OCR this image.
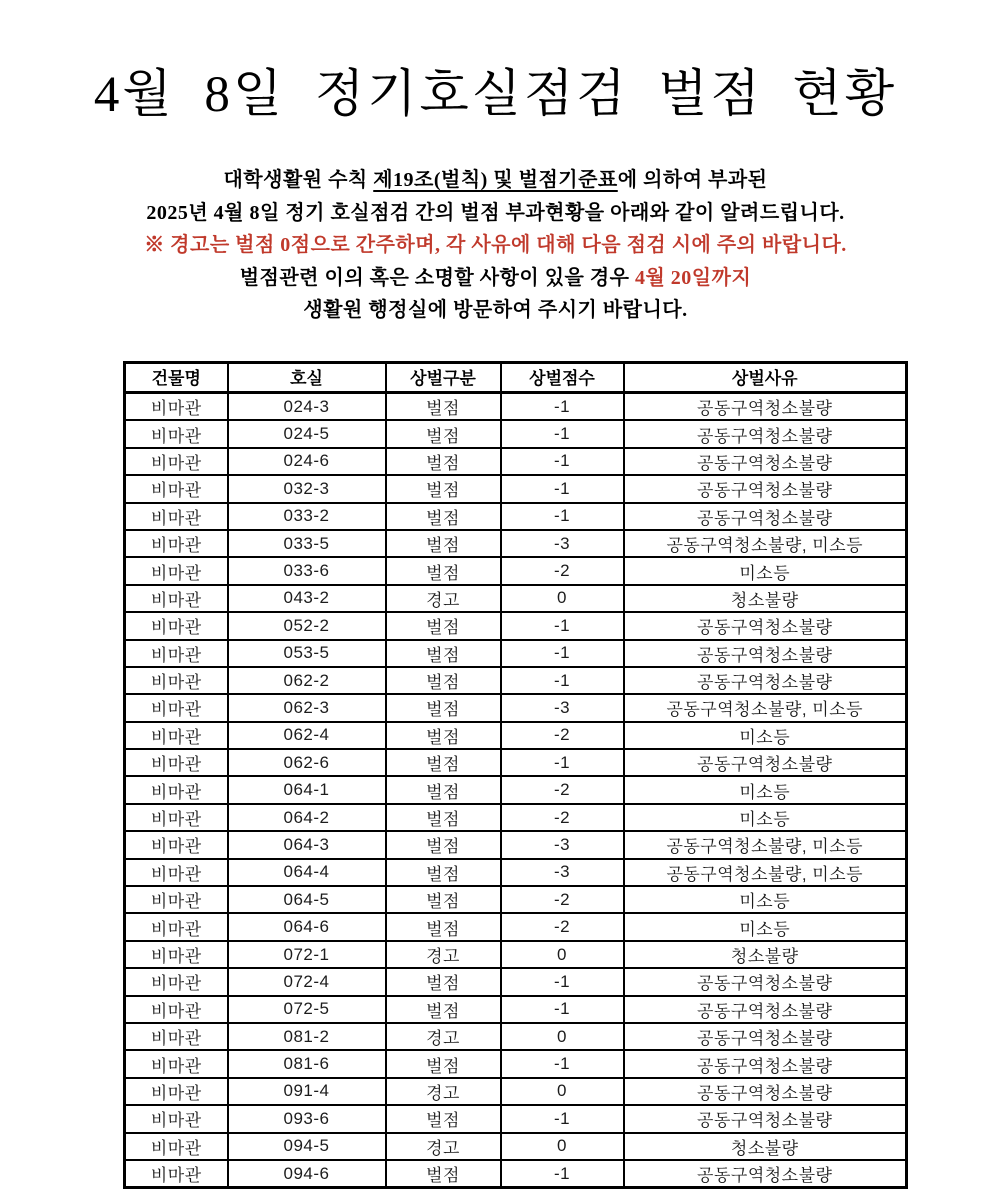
4월 8일 정기호실점검 벌점 현황
대학생활원 수칙 제19조(벌칙) 및 벌점기준표에 의하여 부과된
2025년 4월 8일 정기 호실점검 간의 벌점 부과현황을 아래와 같이 알려드립니다.
※ 경고는 벌점 0점으로 간주하며, 각 사유에 대해 다음 점검 시에 주의 바랍니다.
벌점관련 이의 혹은 소명할 사항이 있을 경우 4월 20일까지
생활원 행정실에 방문하여 주시기 바랍니다.
건물명	호실	상벌구분	상벌점수	상벌사유
비마관	024-3	벌점	-1	공동구역청소불량
비마관	024-5	벌점	-1	공동구역청소불량
비마관	024-6	벌점	-1	공동구역청소불량
비마관	032-3	벌점	-1	공동구역청소불량
비마관	033-2	벌점	-1	공동구역청소불량
비마관	033-5	벌점	-3	공동구역청소불량, 미소등
비마관	033-6	벌점	-2	미소등
비마관	043-2	경고	0	청소불량
비마관	052-2	벌점	-1	공동구역청소불량
비마관	053-5	벌점	-1	공동구역청소불량
비마관	062-2	벌점	-1	공동구역청소불량
비마관	062-3	벌점	-3	공동구역청소불량, 미소등
비마관	062-4	벌점	-2	미소등
비마관	062-6	벌점	-1	공동구역청소불량
비마관	064-1	벌점	-2	미소등
비마관	064-2	벌점	-2	미소등
비마관	064-3	벌점	-3	공동구역청소불량, 미소등
비마관	064-4	벌점	-3	공동구역청소불량, 미소등
비마관	064-5	벌점	-2	미소등
비마관	064-6	벌점	-2	미소등
비마관	072-1	경고	0	청소불량
비마관	072-4	벌점	-1	공동구역청소불량
비마관	072-5	벌점	-1	공동구역청소불량
비마관	081-2	경고	0	공동구역청소불량
비마관	081-6	벌점	-1	공동구역청소불량
비마관	091-4	경고	0	공동구역청소불량
비마관	093-6	벌점	-1	공동구역청소불량
비마관	094-5	경고	0	청소불량
비마관	094-6	벌점	-1	공동구역청소불량
